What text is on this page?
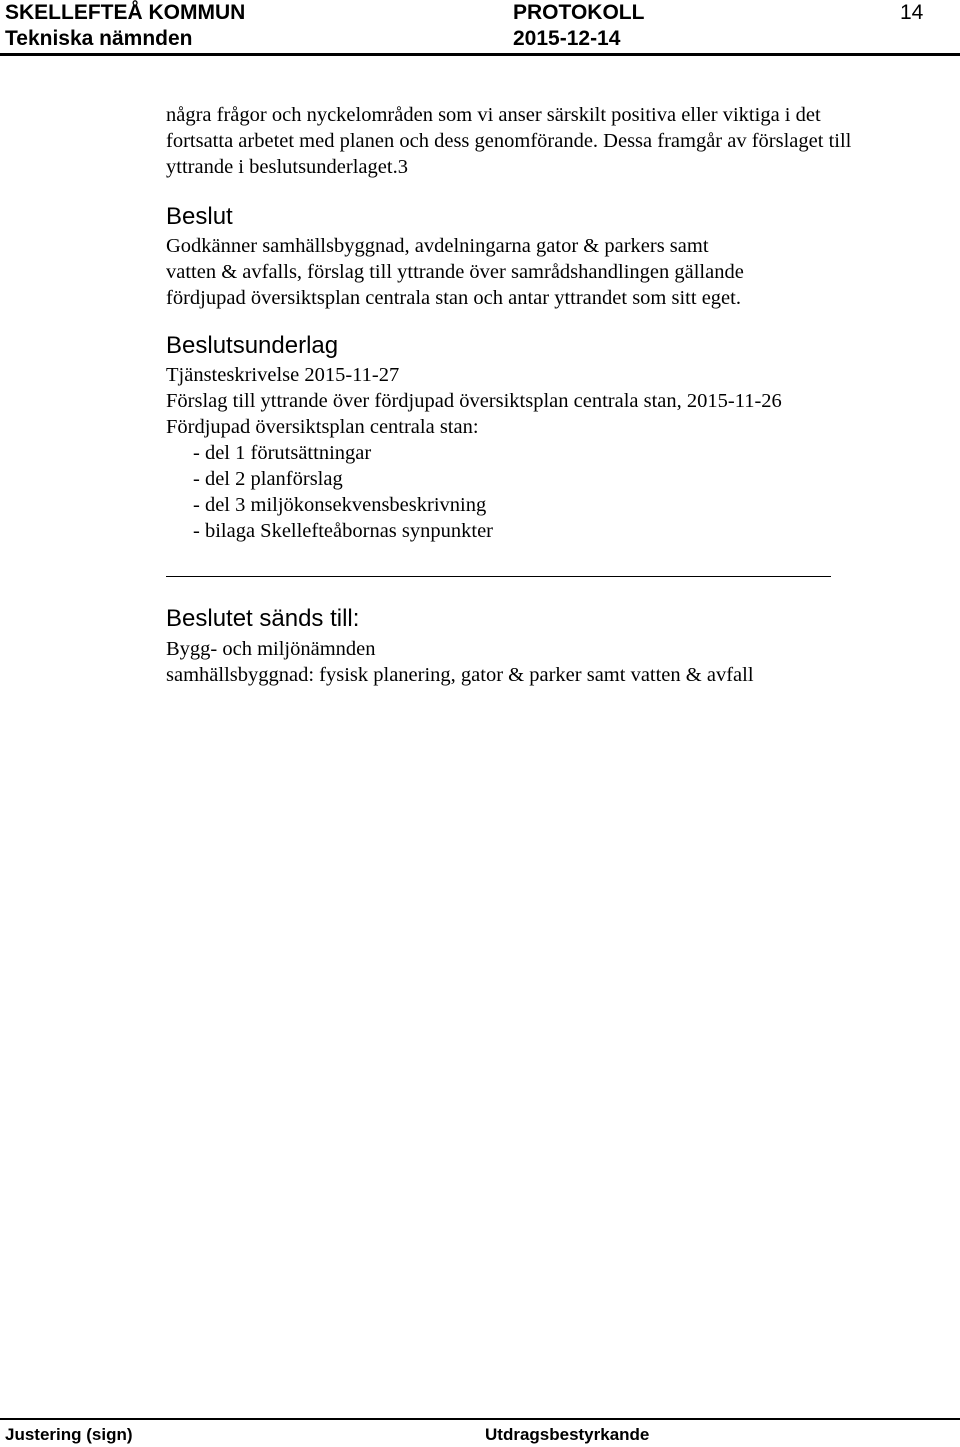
SKELLEFTEÅ KOMMUN
Tekniska nämnden
PROTOKOLL
2015-12-14
14

några frågor och nyckelområden som vi anser särskilt positiva eller viktiga i det
fortsatta arbetet med planen och dess genomförande. Dessa framgår av förslaget till
yttrande i beslutsunderlaget.3

Beslut

Godkänner samhällsbyggnad, avdelningarna gator & parkers samt
vatten & avfalls, förslag till yttrande över samrådshandlingen gällande
fördjupad översiktsplan centrala stan och antar yttrandet som sitt eget.

Beslutsunderlag

Tjänsteskrivelse 2015-11-27
Förslag till yttrande över fördjupad översiktsplan centrala stan, 2015-11-26
Fördjupad översiktsplan centrala stan:
- del 1 förutsättningar
- del 2 planförslag
- del 3 miljökonsekvensbeskrivning
- bilaga Skellefteåbornas synpunkter

Beslutet sänds till:

Bygg- och miljönämnden
samhällsbyggnad: fysisk planering, gator & parker samt vatten & avfall

Justering (sign)	Utdragsbestyrkande
